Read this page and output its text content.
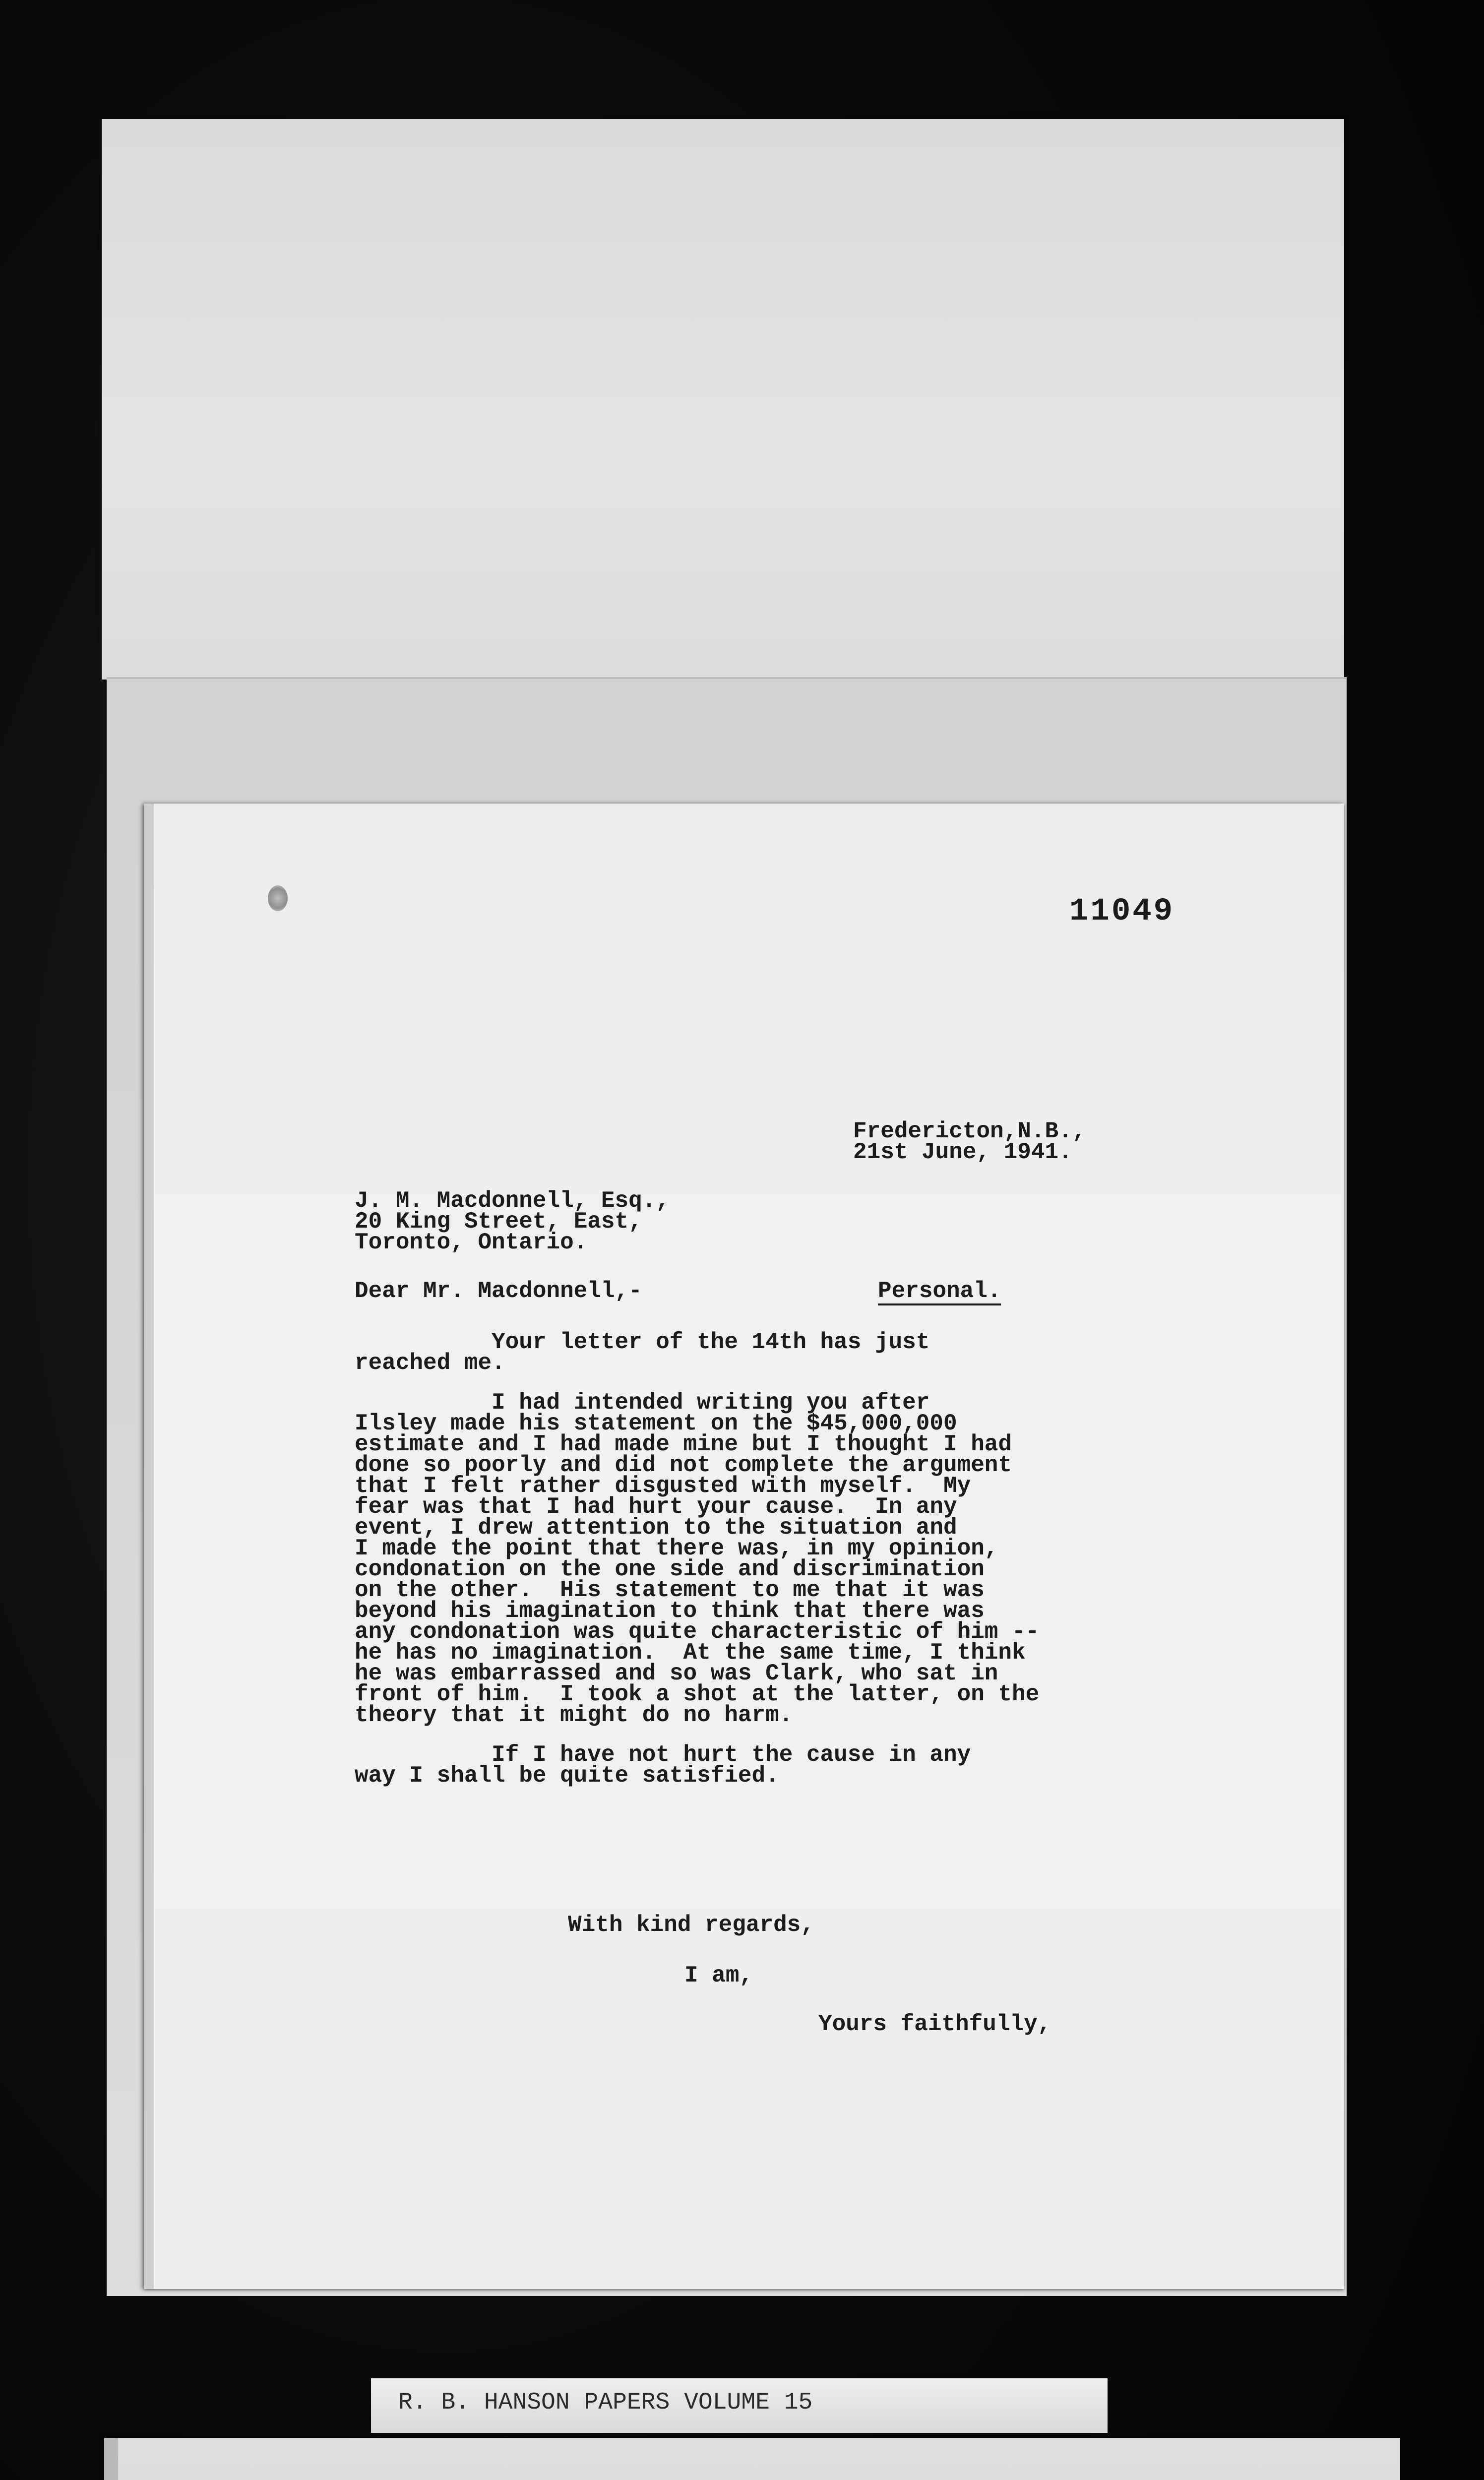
11049

Fredericton,N.B.,

21st June, 1941.

J. M. Macdonnell, Esq.,

20 King Street, East,

Toronto, Ontario.

Dear Mr. Macdonnell,-	Personal.

Your letter of the 14th has just
reached me.
I had intended writing you after
Ilsley made his statement on the $45,000,000
estimate and I had made mine but I thought I had
done so poorly and did not complete the argument
that I felt rather disgusted with myself.  My
fear was that I had hurt your cause.  In any
event, I drew attention to the situation and
I made the point that there was, in my opinion,
condonation on the one side and discrimination
on the other.  His statement to me that it was
beyond his imagination to think that there was
any condonation was quite characteristic of him --
he has no imagination.  At the same time, I think
he was embarrassed and so was Clark, who sat in
front of him.  I took a shot at the latter, on the
theory that it might do no harm.
If I have not hurt the cause in any
way I shall be quite satisfied.

With kind regards,

I am,

Yours faithfully,

R. B. HANSON PAPERS VOLUME 15
